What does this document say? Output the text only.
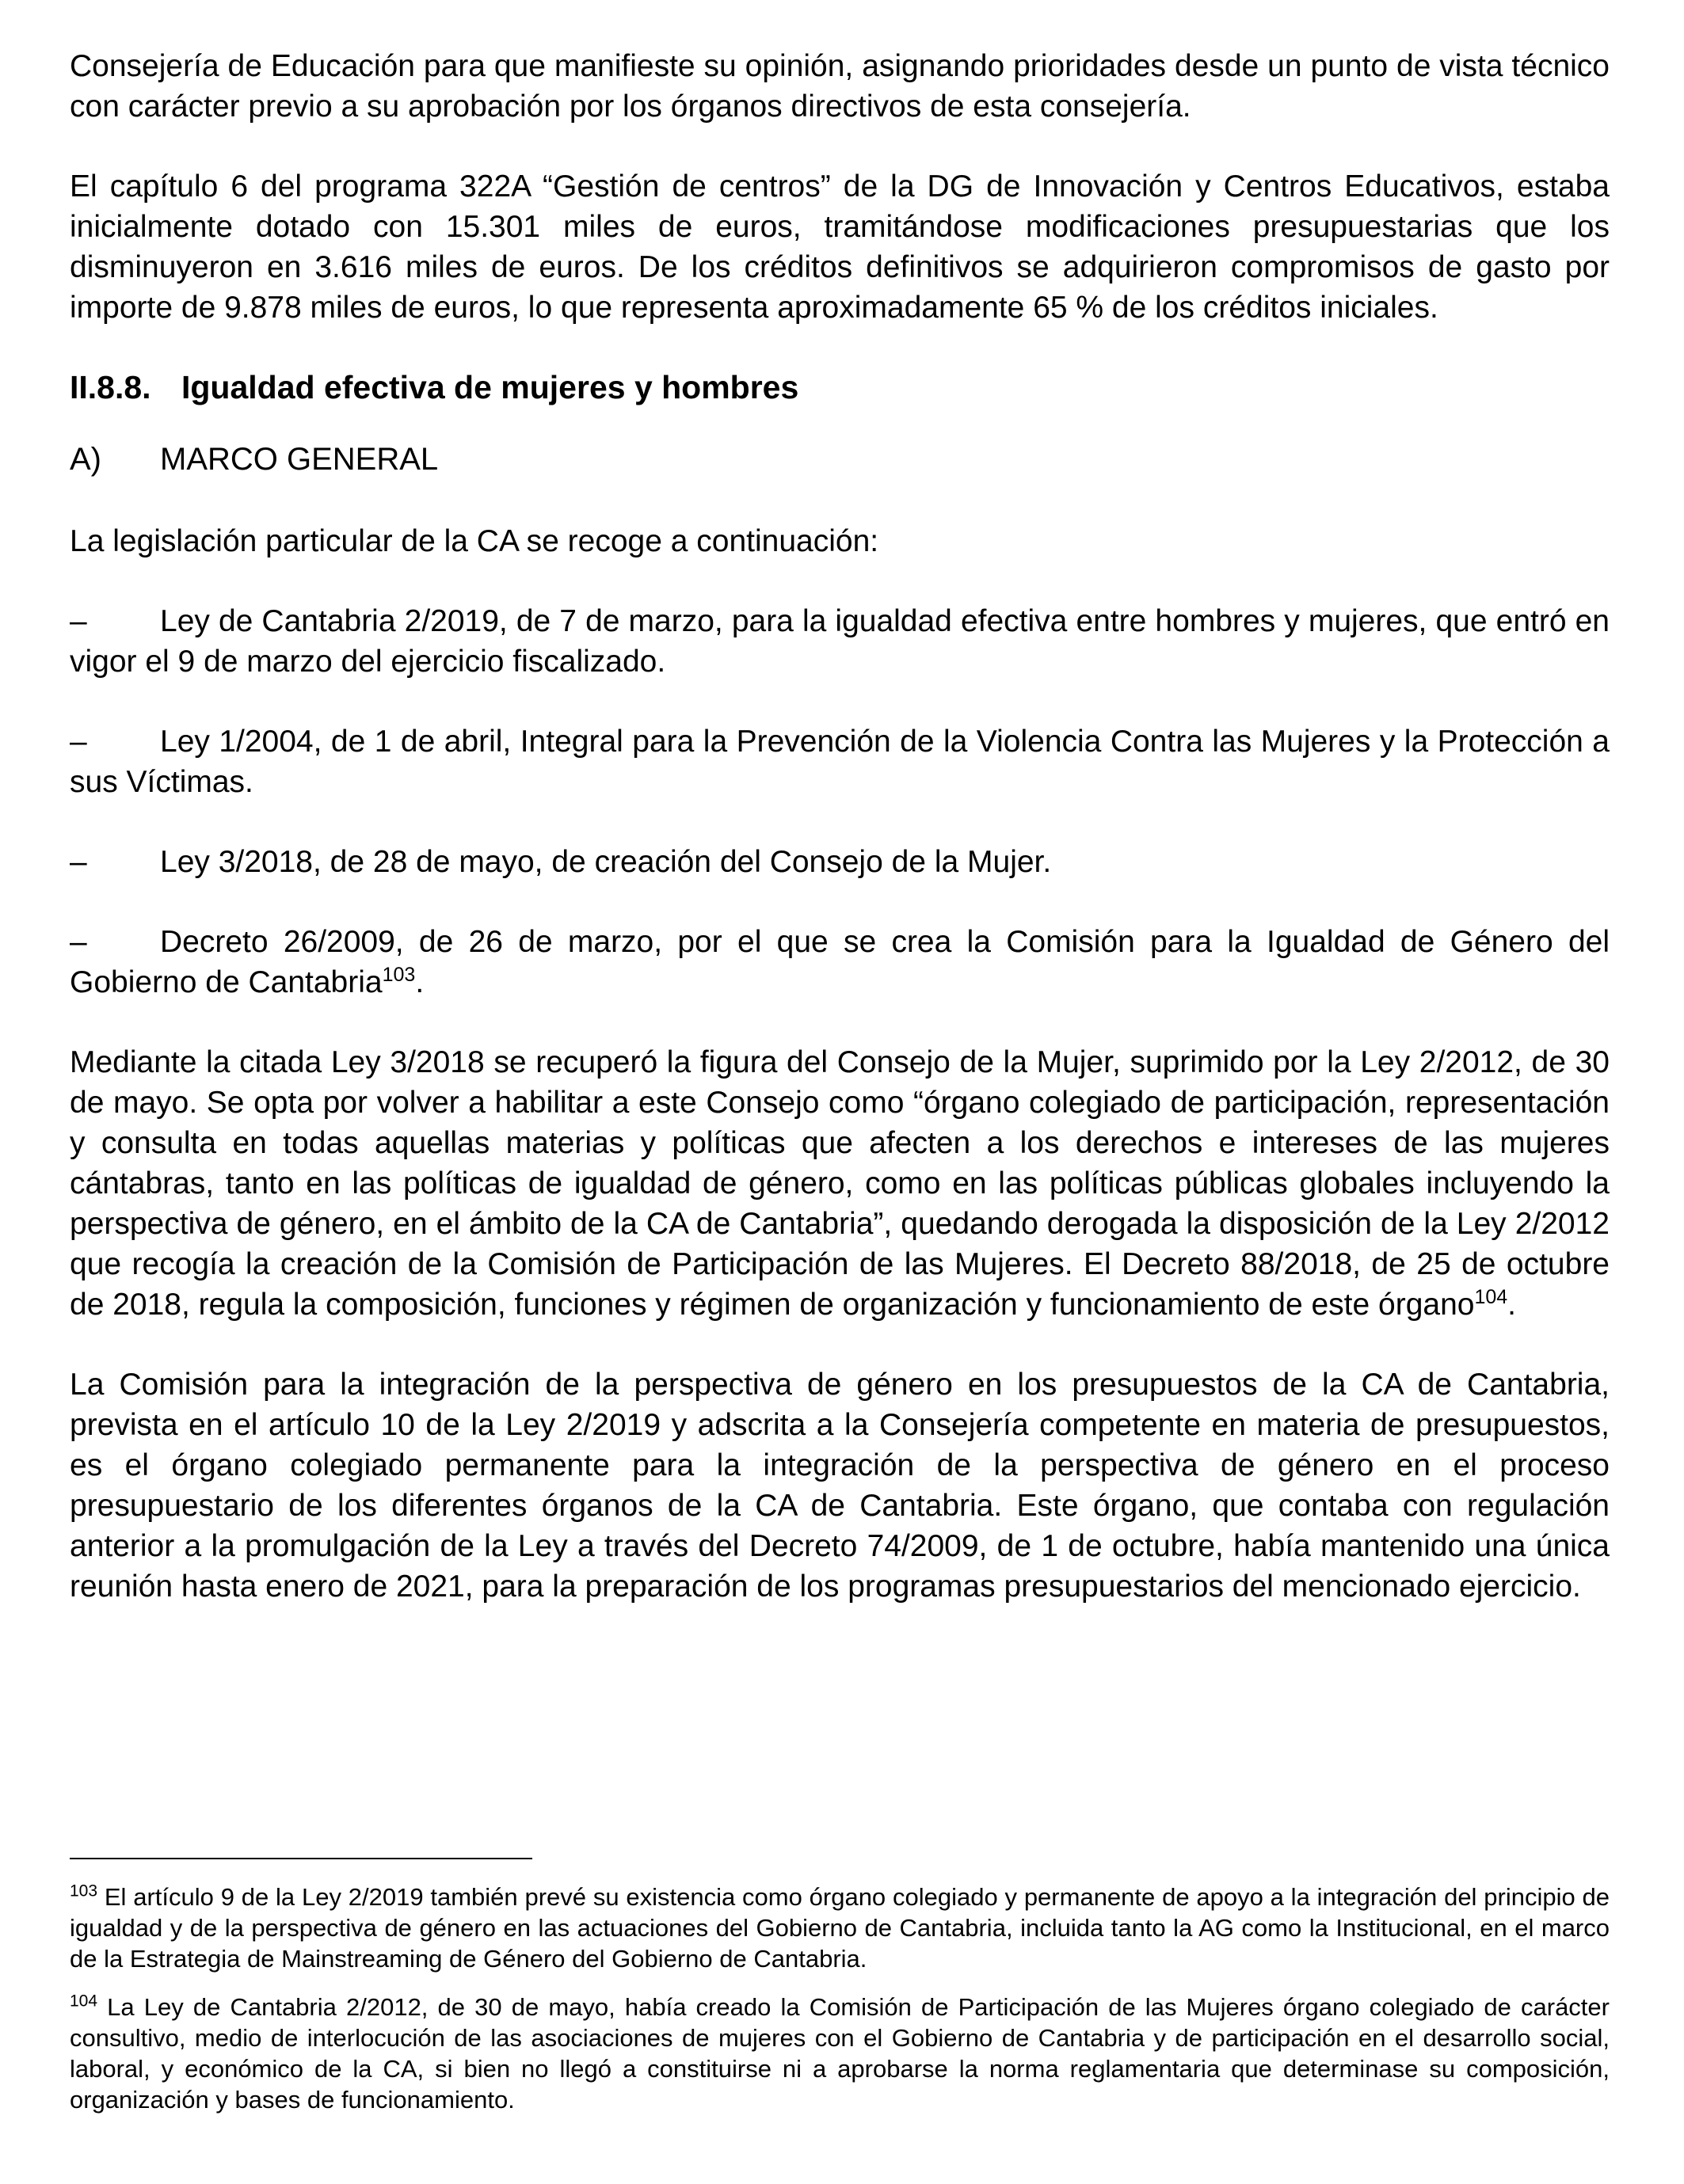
Consejería de Educación para que manifieste su opinión, asignando prioridades desde un punto de vista técnico con carácter previo a su aprobación por los órganos directivos de esta consejería.

El capítulo 6 del programa 322A “Gestión de centros” de la DG de Innovación y Centros Educativos, estaba inicialmente dotado con 15.301 miles de euros, tramitándose modificaciones presupuestarias que los disminuyeron en 3.616 miles de euros. De los créditos definitivos se adquirieron compromisos de gasto por importe de 9.878 miles de euros, lo que representa aproximadamente 65 % de los créditos iniciales.

II.8.8. Igualdad efectiva de mujeres y hombres
A) MARCO GENERAL

La legislación particular de la CA se recoge a continuación:

– Ley de Cantabria 2/2019, de 7 de marzo, para la igualdad efectiva entre hombres y mujeres, que entró en vigor el 9 de marzo del ejercicio fiscalizado.
– Ley 1/2004, de 1 de abril, Integral para la Prevención de la Violencia Contra las Mujeres y la Protección a sus Víctimas.
– Ley 3/2018, de 28 de mayo, de creación del Consejo de la Mujer.
– Decreto 26/2009, de 26 de marzo, por el que se crea la Comisión para la Igualdad de Género del Gobierno de Cantabria$^{103}$.

Mediante la citada Ley 3/2018 se recuperó la figura del Consejo de la Mujer, suprimido por la Ley 2/2012, de 30 de mayo. Se opta por volver a habilitar a este Consejo como “órgano colegiado de participación, representación y consulta en todas aquellas materias y políticas que afecten a los derechos e intereses de las mujeres cántabras, tanto en las políticas de igualdad de género, como en las políticas públicas globales incluyendo la perspectiva de género, en el ámbito de la CA de Cantabria”, quedando derogada la disposición de la Ley 2/2012 que recogía la creación de la Comisión de Participación de las Mujeres. El Decreto 88/2018, de 25 de octubre de 2018, regula la composición, funciones y régimen de organización y funcionamiento de este órgano$^{104}$.

La Comisión para la integración de la perspectiva de género en los presupuestos de la CA de Cantabria, prevista en el artículo 10 de la Ley 2/2019 y adscrita a la Consejería competente en materia de presupuestos, es el órgano colegiado permanente para la integración de la perspectiva de género en el proceso presupuestario de los diferentes órganos de la CA de Cantabria. Este órgano, que contaba con regulación anterior a la promulgación de la Ley a través del Decreto 74/2009, de 1 de octubre, había mantenido una única reunión hasta enero de 2021, para la preparación de los programas presupuestarios del mencionado ejercicio.

$^{103}$ El artículo 9 de la Ley 2/2019 también prevé su existencia como órgano colegiado y permanente de apoyo a la integración del principio de igualdad y de la perspectiva de género en las actuaciones del Gobierno de Cantabria, incluida tanto la AG como la Institucional, en el marco de la Estrategia de Mainstreaming de Género del Gobierno de Cantabria.

$^{104}$ La Ley de Cantabria 2/2012, de 30 de mayo, había creado la Comisión de Participación de las Mujeres órgano colegiado de carácter consultivo, medio de interlocución de las asociaciones de mujeres con el Gobierno de Cantabria y de participación en el desarrollo social, laboral, y económico de la CA, si bien no llegó a constituirse ni a aprobarse la norma reglamentaria que determinase su composición, organización y bases de funcionamiento.
